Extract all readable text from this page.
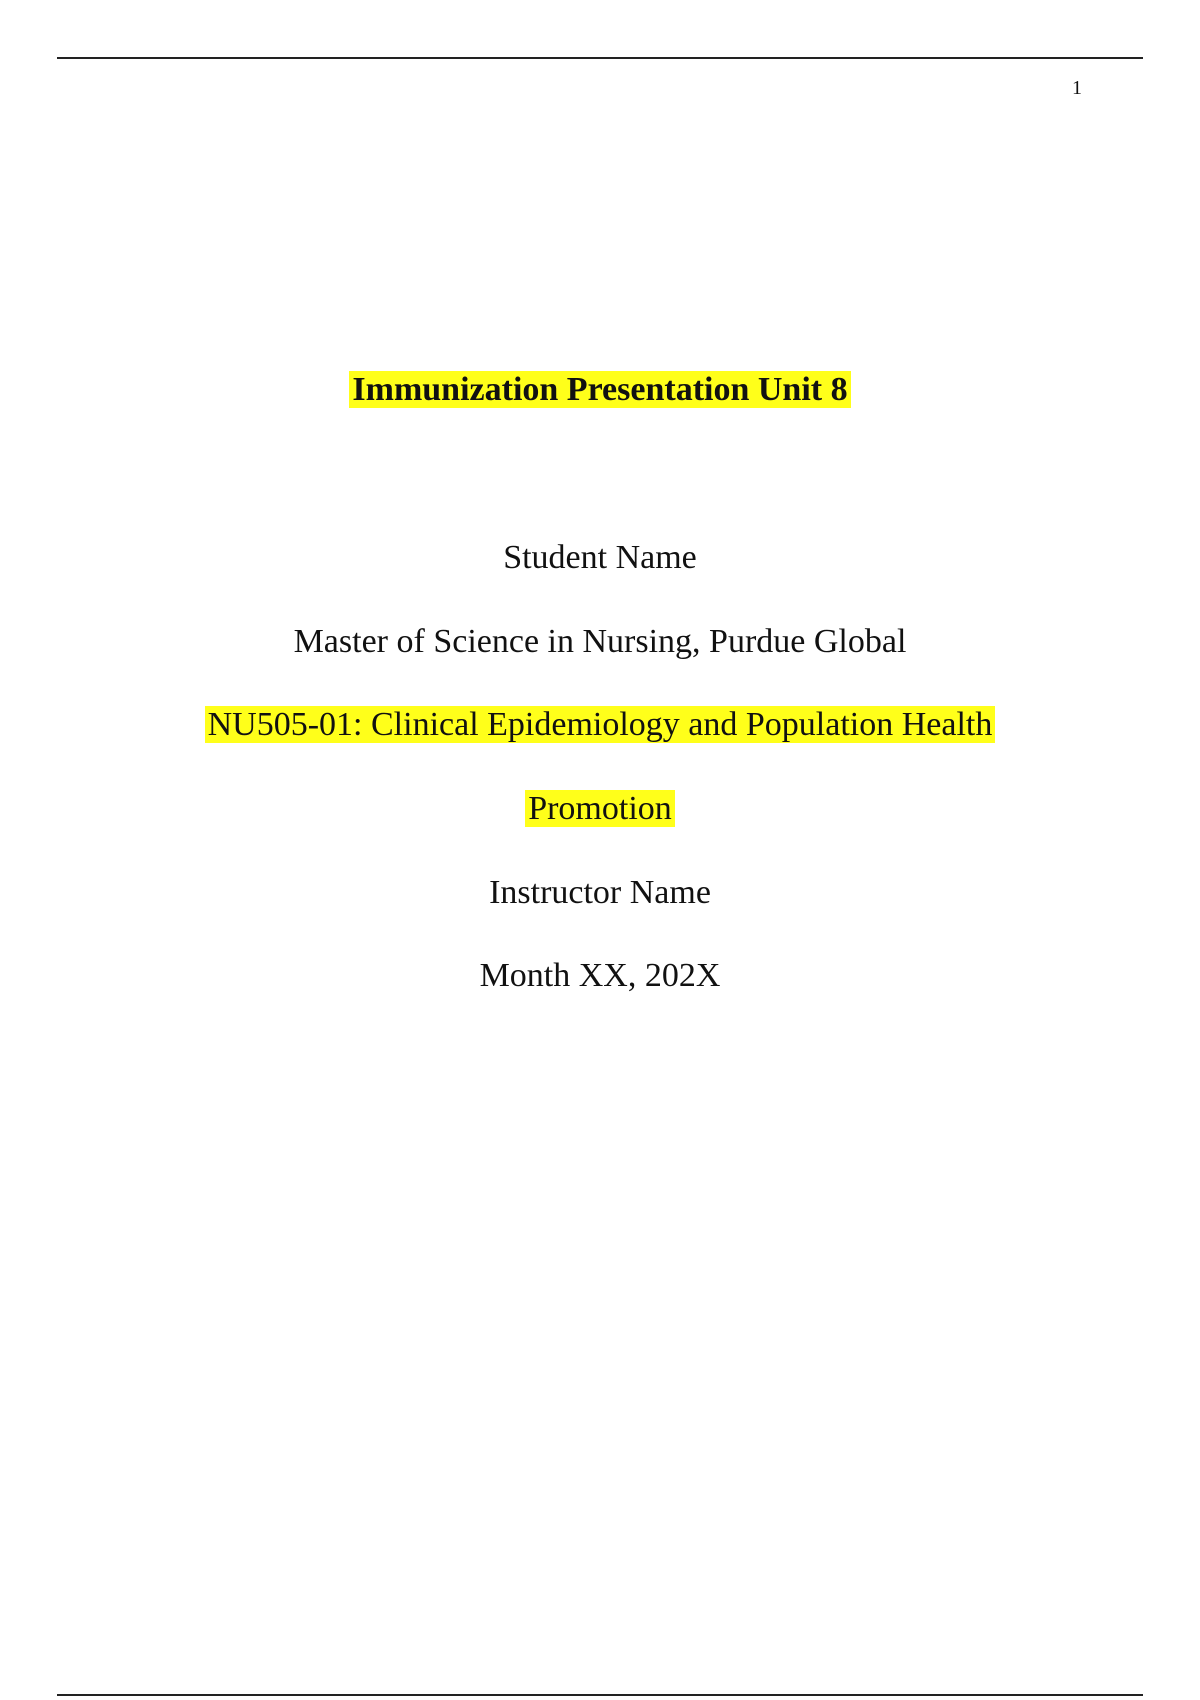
1
Immunization Presentation Unit 8
Student Name
Master of Science in Nursing, Purdue Global
NU505-01: Clinical Epidemiology and Population Health
Promotion
Instructor Name
Month XX, 202X
